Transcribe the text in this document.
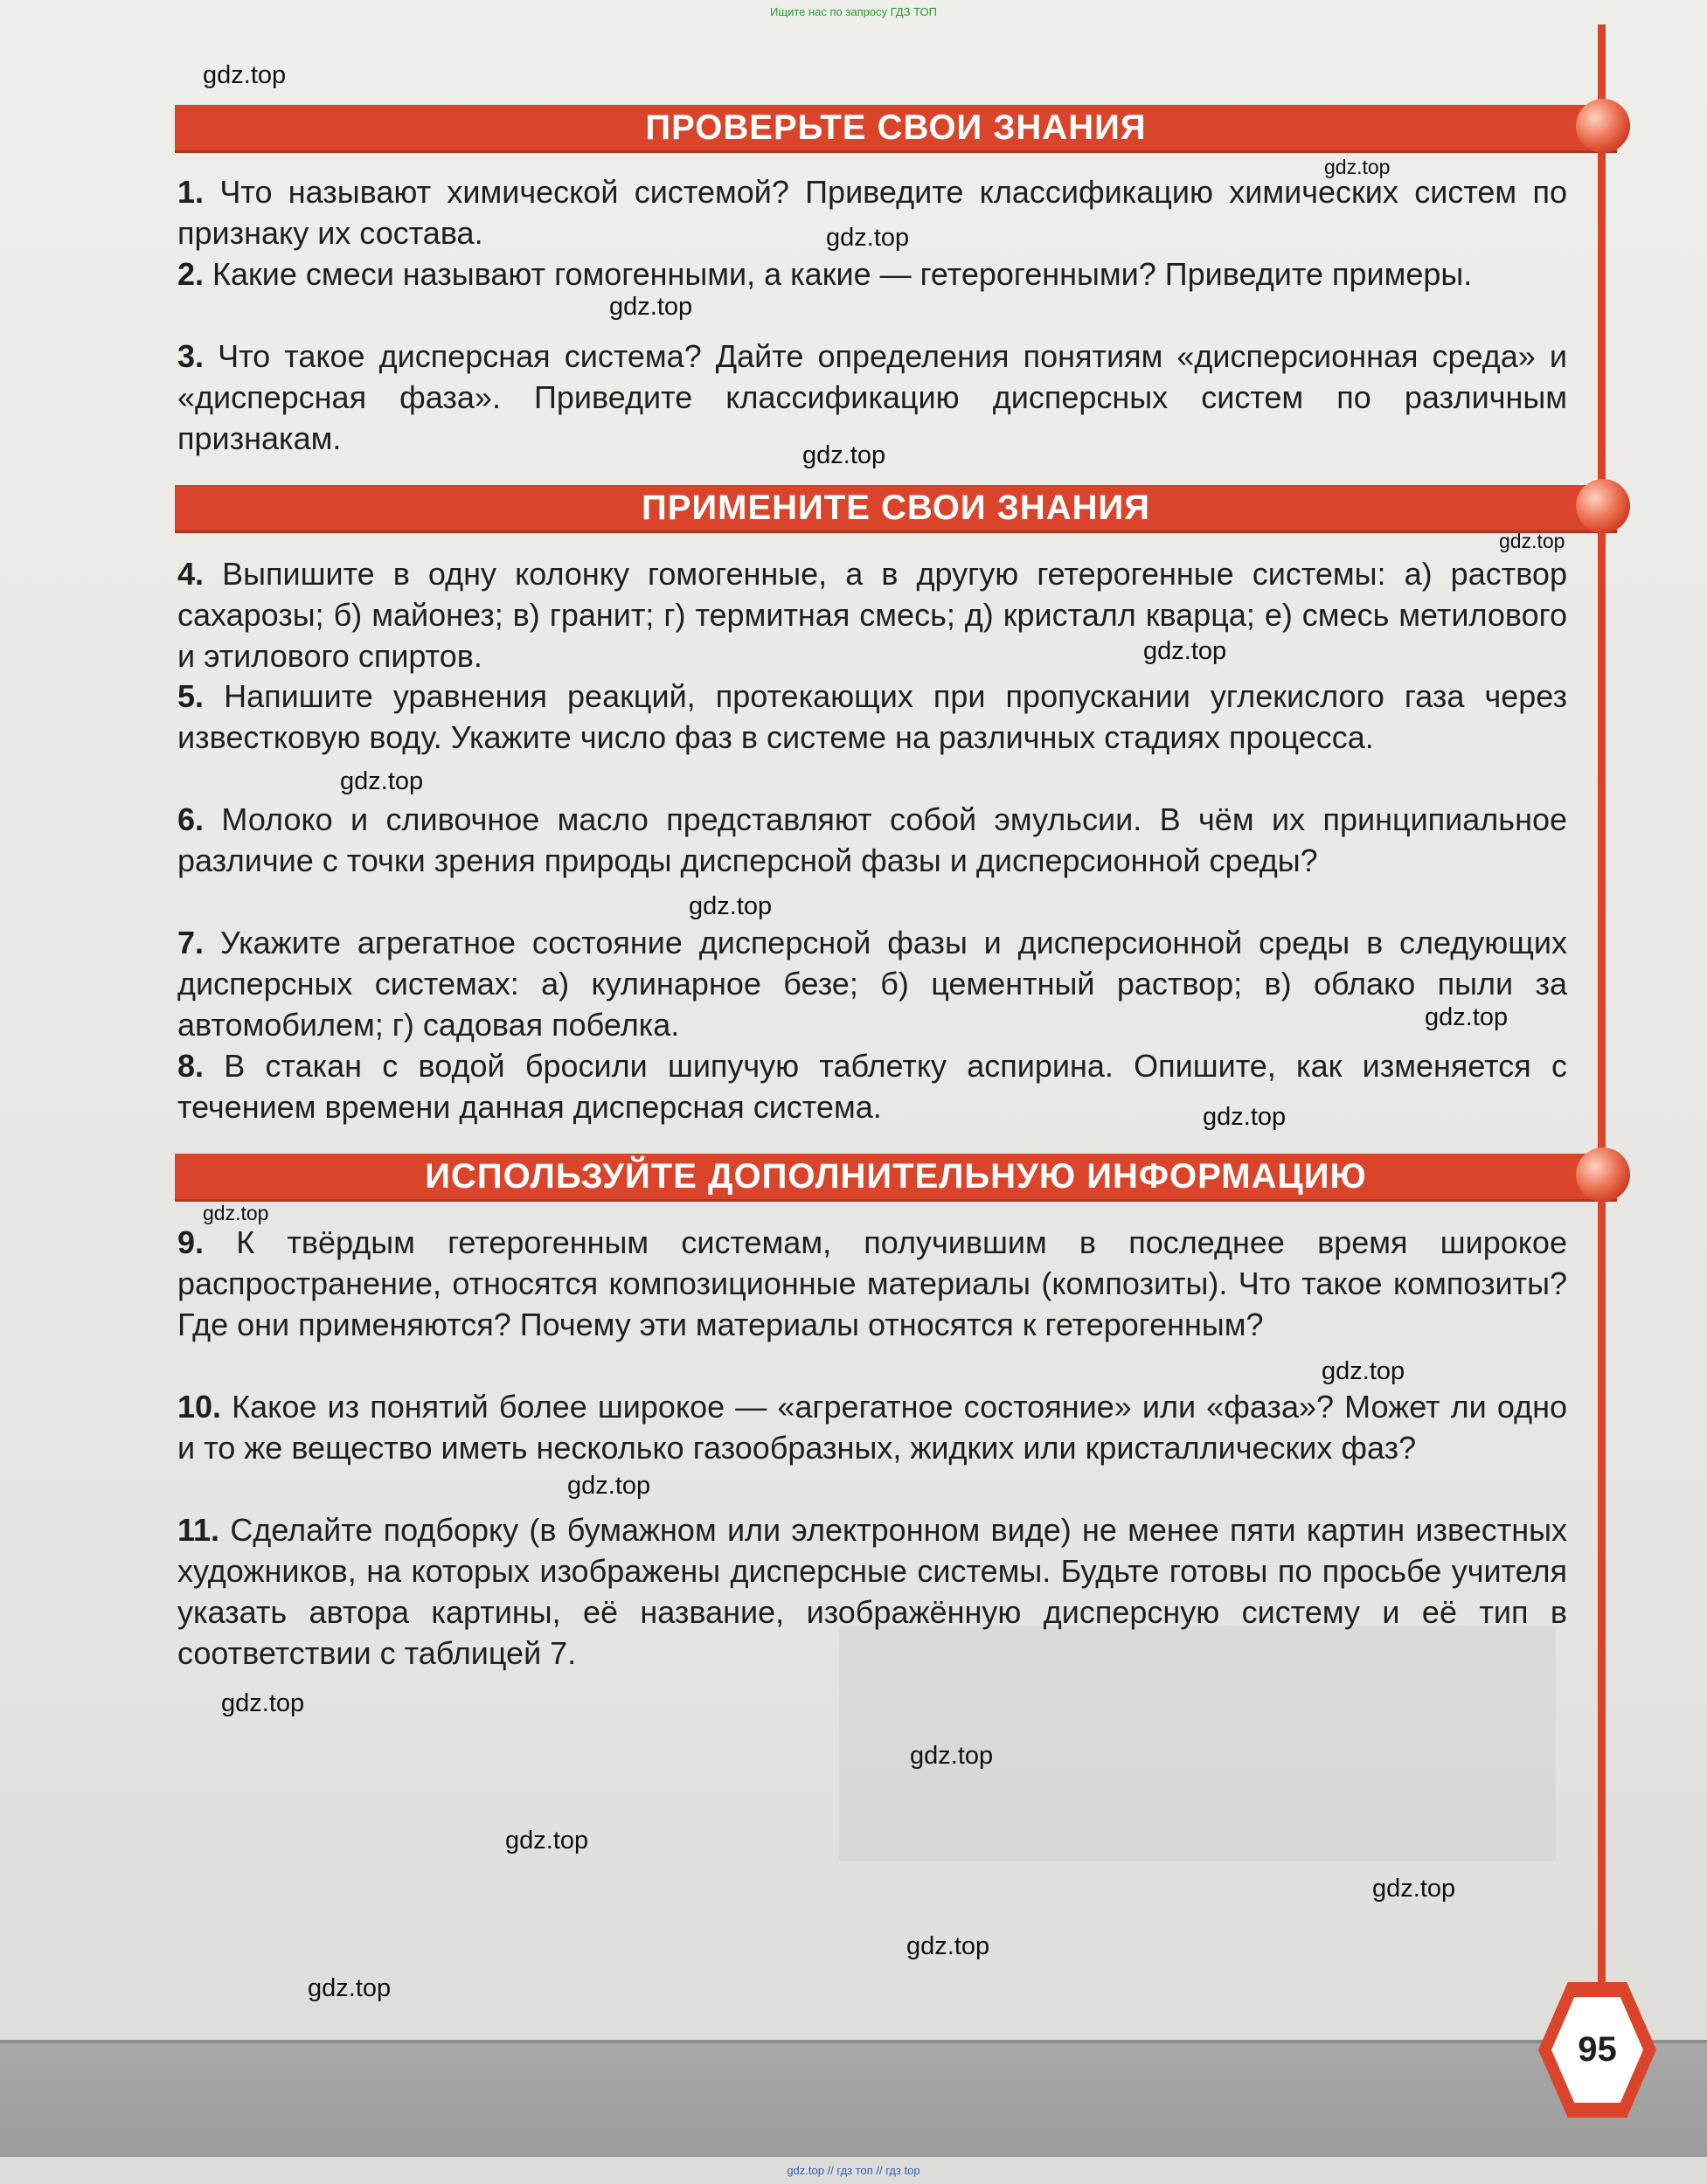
Ищите нас по запросу ГДЗ ТОП
ПРОВЕРЬТЕ СВОИ ЗНАНИЯ
1. Что называют химической системой? Приведите классификацию химических систем по признаку их состава.
2. Какие смеси называют гомогенными, а какие — гетерогенными? Приведите примеры.
3. Что такое дисперсная система? Дайте определения понятиям «дисперсионная среда» и «дисперсная фаза». Приведите классификацию дисперсных систем по различным признакам.
ПРИМЕНИТЕ СВОИ ЗНАНИЯ
4. Выпишите в одну колонку гомогенные, а в другую гетерогенные системы: а) раствор сахарозы; б) майонез; в) гранит; г) термитная смесь; д) кристалл кварца; е) смесь метилового и этилового спиртов.
5. Напишите уравнения реакций, протекающих при пропускании углекислого газа через известковую воду. Укажите число фаз в системе на различных стадиях процесса.
6. Молоко и сливочное масло представляют собой эмульсии. В чём их принципиальное различие с точки зрения природы дисперсной фазы и дисперсионной среды?
7. Укажите агрегатное состояние дисперсной фазы и дисперсионной среды в следующих дисперсных системах: а) кулинарное безе; б) цементный раствор; в) облако пыли за автомобилем; г) садовая побелка.
8. В стакан с водой бросили шипучую таблетку аспирина. Опишите, как изменяется с течением времени данная дисперсная система.
ИСПОЛЬЗУЙТЕ ДОПОЛНИТЕЛЬНУЮ ИНФОРМАЦИЮ
9. К твёрдым гетерогенным системам, получившим в последнее время широкое распространение, относятся композиционные материалы (композиты). Что такое композиты? Где они применяются? Почему эти материалы относятся к гетерогенным?
10. Какое из понятий более широкое — «агрегатное состояние» или «фаза»? Может ли одно и то же вещество иметь несколько газообразных, жидких или кристаллических фаз?
11. Сделайте подборку (в бумажном или электронном виде) не менее пяти картин известных художников, на которых изображены дисперсные системы. Будьте готовы по просьбе учителя указать автора картины, её название, изображённую дисперсную систему и её тип в соответствии с таблицей 7.
gdz.top
gdz.top
gdz.top
gdz.top
gdz.top
gdz.top
gdz.top
gdz.top
gdz.top
gdz.top
gdz.top
gdz.top
gdz.top
gdz.top
gdz.top
gdz.top
gdz.top
gdz.top
gdz.top
gdz.top
95
gdz.top // гдз топ // гдз top
